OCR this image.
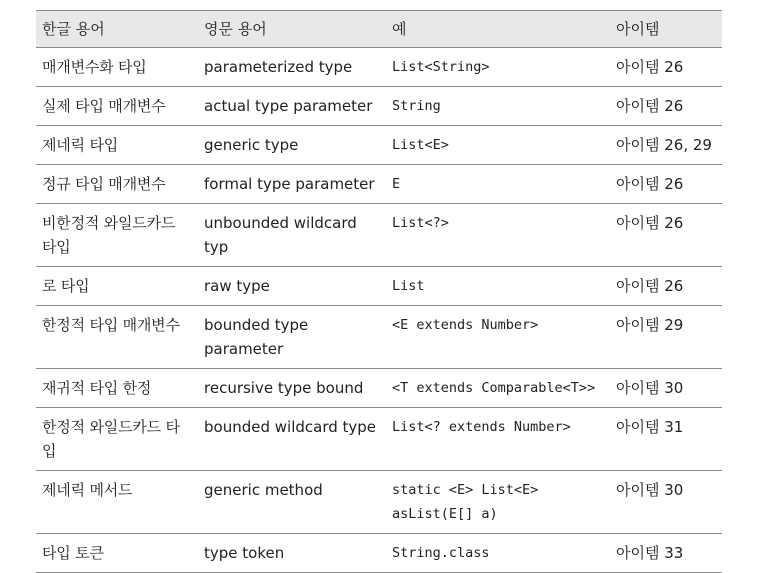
한글 용어	영문 용어	예	아이템
매개변수화 타입	parameterized type	List<String>	아이템 26
실제 타입 매개변수	actual type parameter	String	아이템 26
제네릭 타입	generic type	List<E>	아이템 26, 29
정규 타입 매개변수	formal type parameter	E	아이템 26
비한정적 와일드카드 타입	unbounded wildcard typ	List<?>	아이템 26
로 타입	raw type	List	아이템 26
한정적 타입 매개변수	bounded type parameter	<E extends Number>	아이템 29
재귀적 타입 한정	recursive type bound	<T extends Comparable<T>>	아이템 30
한정적 와일드카드 타입	bounded wildcard type	List<? extends Number>	아이템 31
제네릭 메서드	generic method	static <E> List<E> asList(E[] a)	아이템 30
타입 토큰	type token	String.class	아이템 33
